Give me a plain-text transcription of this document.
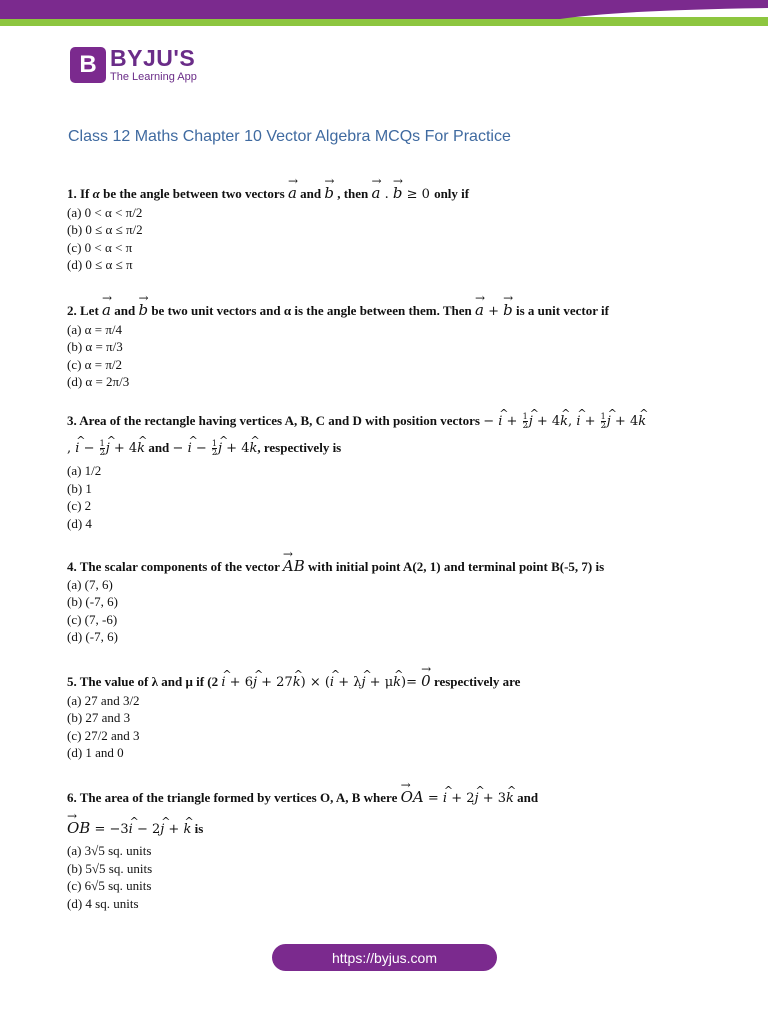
B BYJU'S
The Learning App
Class 12 Maths Chapter 10 Vector Algebra MCQs For Practice
1. If α be the angle between two vectors → a and → b , then → a . → b ≥ 0 only if
(a) 0 < α < π/2
(b) 0 ≤ α ≤ π/2
(c) 0 < α < π
(d) 0 ≤ α ≤ π
2. Let → a and → b be two unit vectors and α is the angle between them. Then → a + → b is a unit vector if
(a) α = π/4
(b) α = π/3
(c) α = π/2
(d) α = 2π/3
3. Area of the rectangle having vertices A, B, C and D with position vectors − ^ $i + \frac{1}{2}$ ^ j + 4^ k, ^ $i + \frac{1}{2}$ ^ j + 4^ k
, ^ $i - \frac{1}{2}$ ^ j + 4^ k and − ^ $i - \frac{1}{2}$ ^ j + 4^ k, respectively is
(a) 1/2
(b) 1
(c) 2
(d) 4
4. The scalar components of the vector → AB with initial point A(2, 1) and terminal point B(-5, 7) is
(a) (7, 6)
(b) (-7, 6)
(c) (7, -6)
(d) (-7, 6)
5. The value of λ and μ if (2 ^ i + 6^ j + 27^ k) × (^ i + λ^ j + μ^ k)= → 0 respectively are
(a) 27 and 3/2
(b) 27 and 3
(c) 27/2 and 3
(d) 1 and 0
6. The area of the triangle formed by vertices O, A, B where → OA = ^ i + 2^ j + 3^ k and
→ OB = −3^ i − 2^ j + ^ k is
(a) 3√5 sq. units
(b) 5√5 sq. units
(c) 6√5 sq. units
(d) 4 sq. units
https://byjus.com
